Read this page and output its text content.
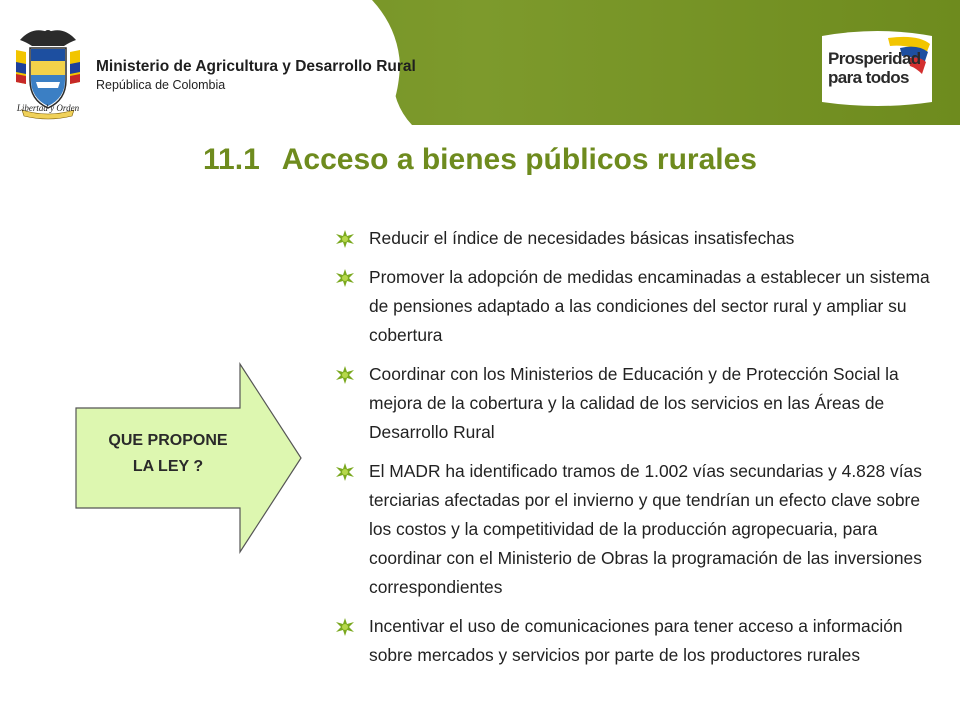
Libertad y Orden
Ministerio de Agricultura y Desarrollo Rural
República de Colombia
Prosperidad
para todos
11.1 Acceso a bienes públicos rurales
QUE PROPONE
LA LEY ?
Reducir el índice de necesidades básicas insatisfechas
Promover la adopción de medidas encaminadas a establecer un sistema de pensiones adaptado a las condiciones del sector rural y ampliar su cobertura
Coordinar con los Ministerios de Educación y de Protección Social la mejora de la cobertura y la calidad de los servicios en las Áreas de Desarrollo Rural
El MADR ha identificado tramos de 1.002 vías secundarias y 4.828 vías terciarias afectadas por el invierno y que tendrían un efecto clave sobre los costos y la competitividad de la producción agropecuaria, para coordinar con el Ministerio de Obras la programación de las inversiones correspondientes
Incentivar el uso de comunicaciones para tener acceso a información sobre mercados y servicios por parte de los productores rurales
